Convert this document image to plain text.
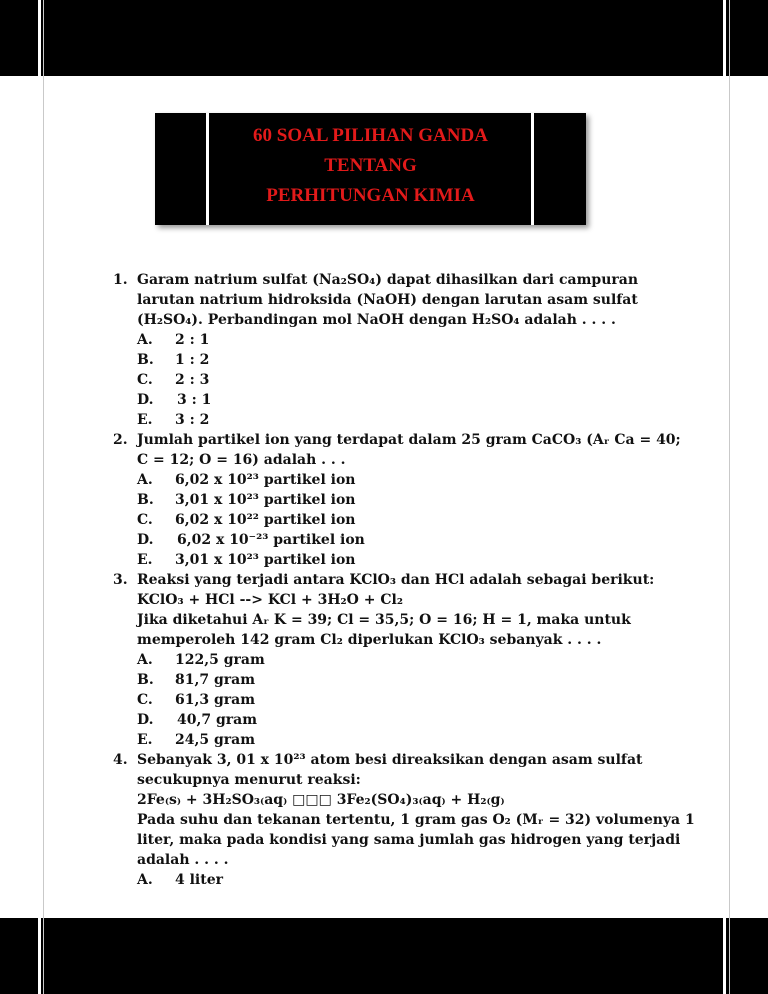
60 SOAL PILIHAN GANDA
TENTANG
PERHITUNGAN KIMIA
1. Garam natrium sulfat (Na₂SO₄) dapat dihasilkan dari campuran
larutan natrium hidroksida (NaOH) dengan larutan asam sulfat
(H₂SO₄). Perbandingan mol NaOH dengan H₂SO₄ adalah . . . .
A. 2 : 1
B. 1 : 2
C. 2 : 3
D. 3 : 1
E. 3 : 2
2. Jumlah partikel ion yang terdapat dalam 25 gram CaCO₃ (Aᵣ Ca = 40;
C = 12; O = 16) adalah . . .
A. 6,02 x 10²³ partikel ion
B. 3,01 x 10²³ partikel ion
C. 6,02 x 10²² partikel ion
D. 6,02 x 10⁻²³ partikel ion
E. 3,01 x 10²³ partikel ion
3. Reaksi yang terjadi antara KClO₃ dan HCl adalah sebagai berikut:
KClO₃ + HCl --> KCl + 3H₂O + Cl₂
Jika diketahui Aᵣ K = 39; Cl = 35,5; O = 16; H = 1, maka untuk
memperoleh 142 gram Cl₂ diperlukan KClO₃ sebanyak . . . .
A. 122,5 gram
B. 81,7 gram
C. 61,3 gram
D. 40,7 gram
E. 24,5 gram
4. Sebanyak 3, 01 x 10²³ atom besi direaksikan dengan asam sulfat
secukupnya menurut reaksi:
2Fe₍s₎ + 3H₂SO₃₍aq₎ □□□ 3Fe₂(SO₄)₃₍aq₎ + H₂₍g₎
Pada suhu dan tekanan tertentu, 1 gram gas O₂ (Mᵣ = 32) volumenya 1
liter, maka pada kondisi yang sama jumlah gas hidrogen yang terjadi
adalah . . . .
A. 4 liter
